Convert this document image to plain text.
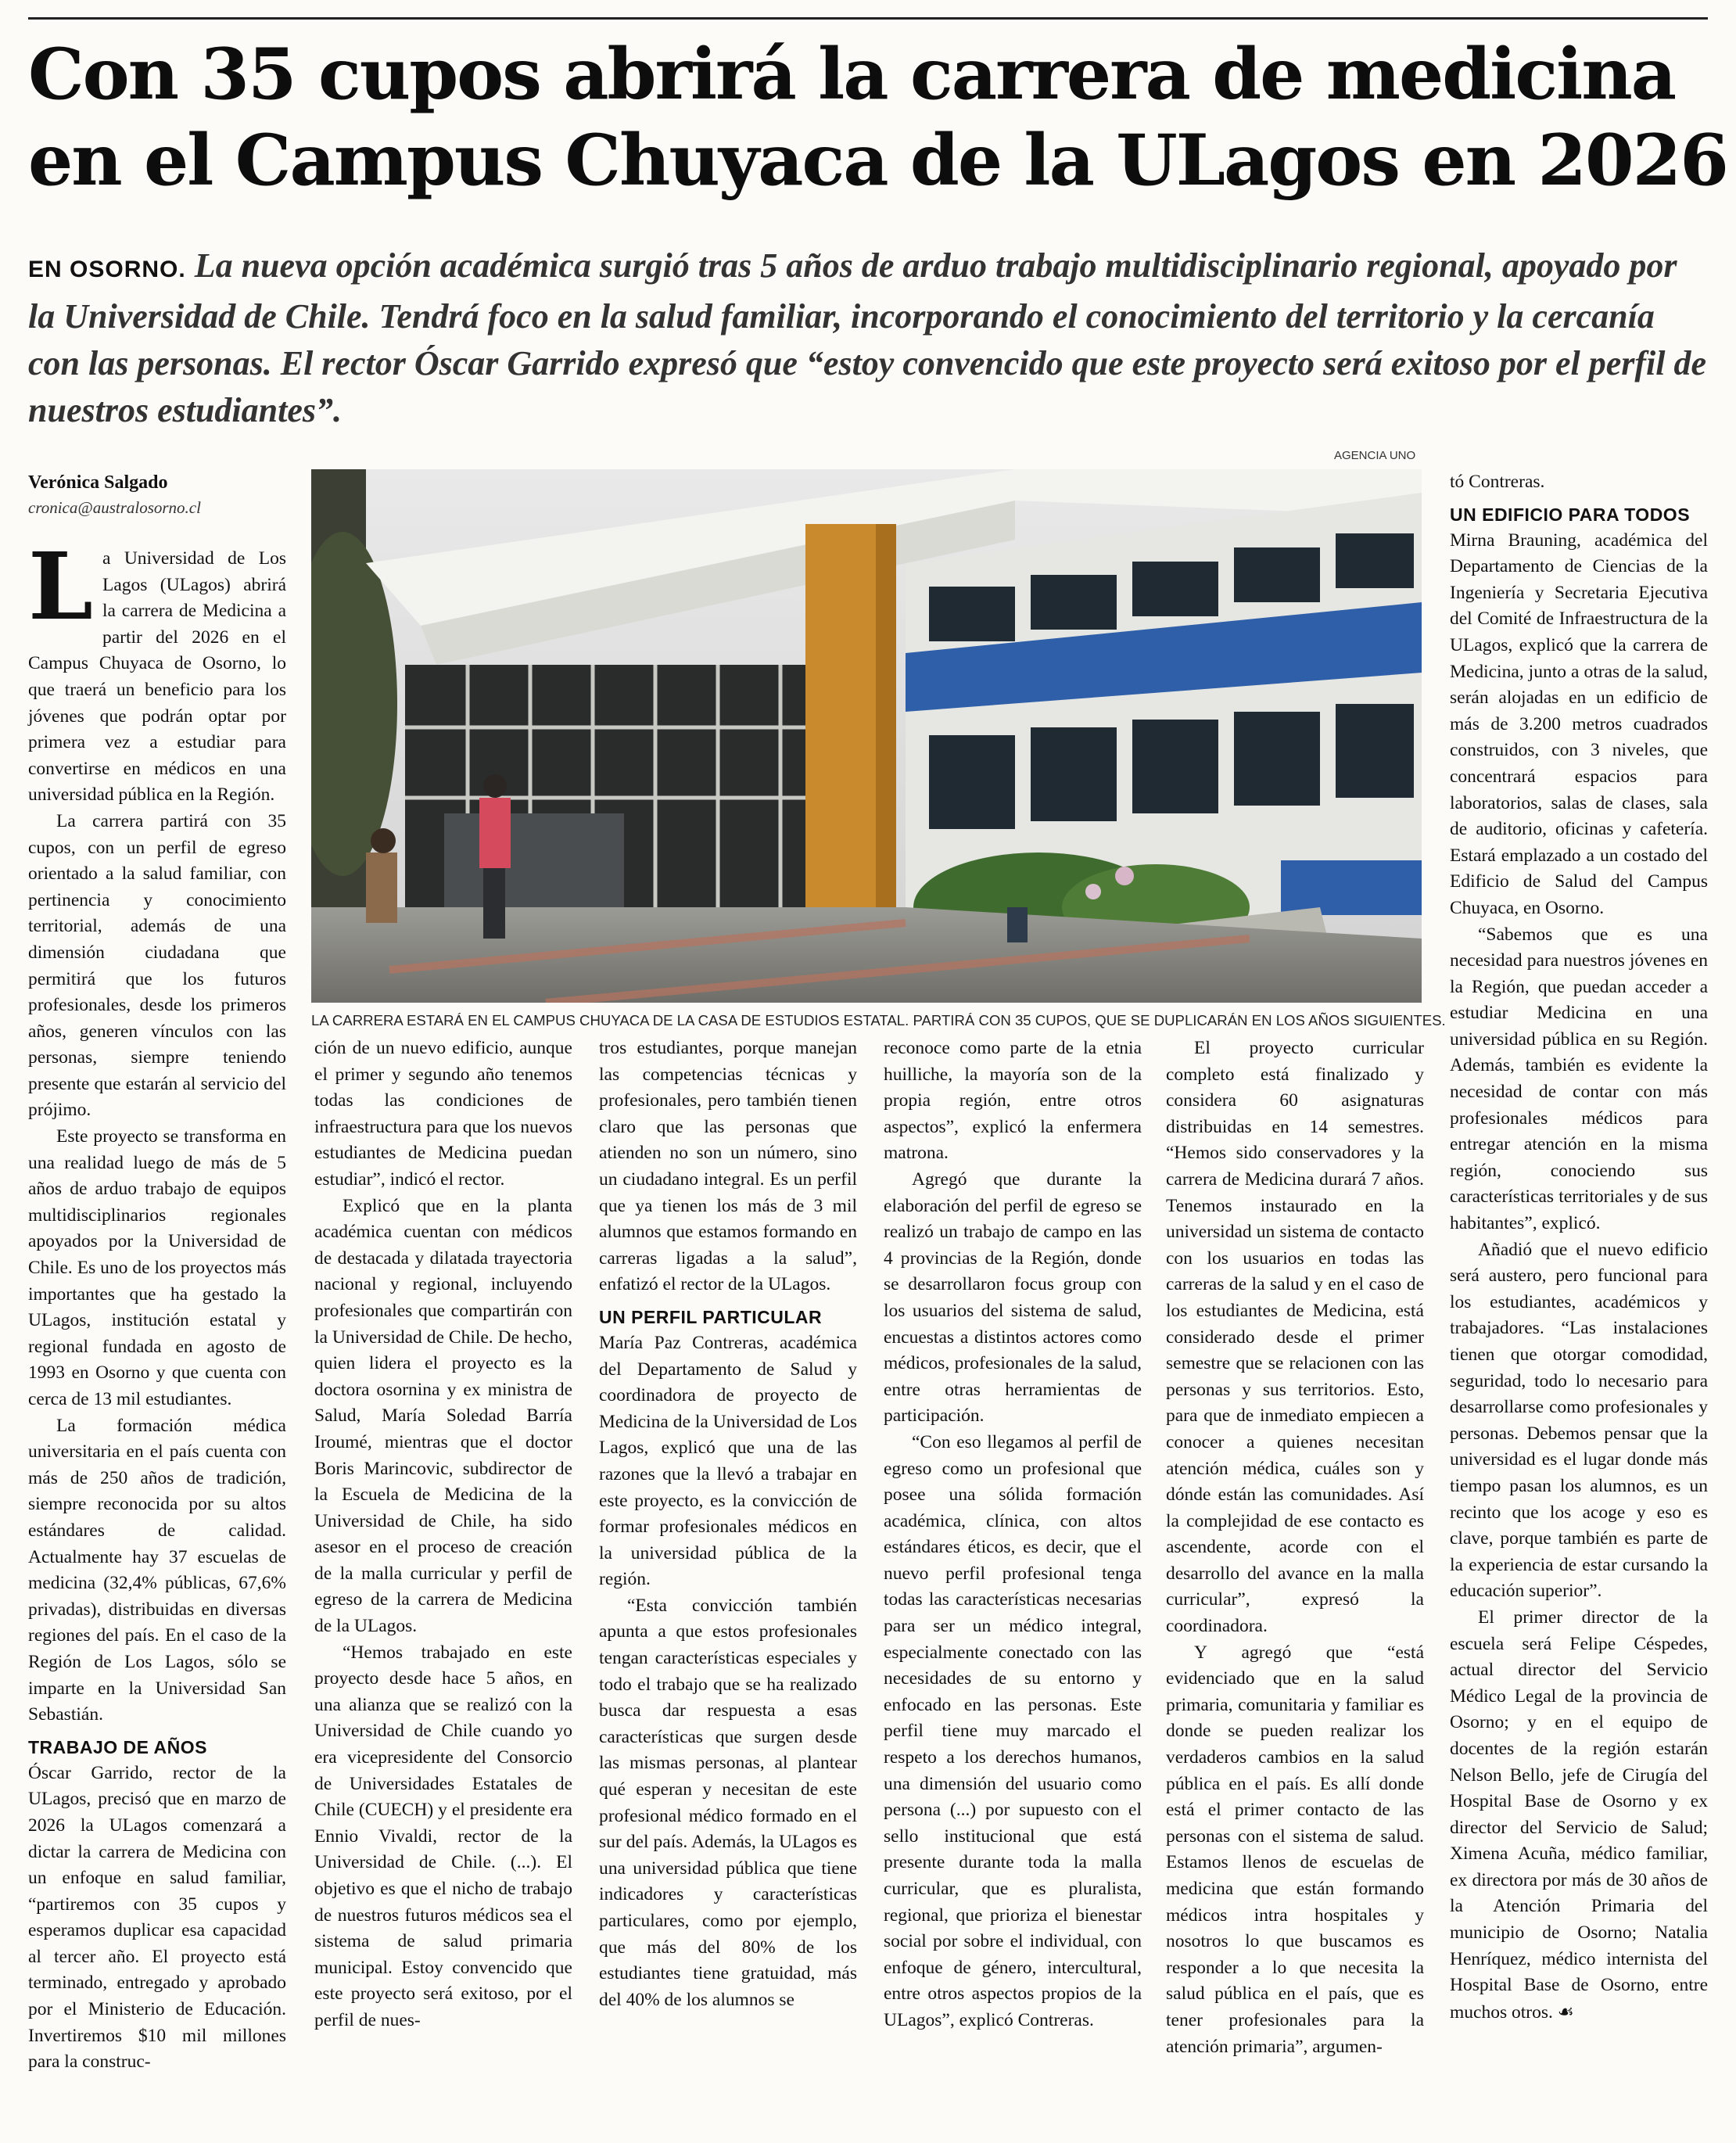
Con 35 cupos abrirá la carrera de medicina
en el Campus Chuyaca de la ULagos en 2026
EN OSORNO. La nueva opción académica surgió tras 5 años de arduo trabajo multidisciplinario regional, apoyado por la Universidad de Chile. Tendrá foco en la salud familiar, incorporando el conocimiento del territorio y la cercanía con las personas. El rector Óscar Garrido expresó que “estoy convencido que este proyecto será exitoso por el perfil de nuestros estudiantes”.
Verónica Salgado
cronica@australosorno.cl
L a Universidad de Los Lagos (ULagos) abrirá la carrera de Medicina a partir del 2026 en el Campus Chuyaca de Osorno, lo que traerá un beneficio para los jóvenes que podrán optar por primera vez a estudiar para convertirse en médicos en una universidad pública en la Región.

La carrera partirá con 35 cupos, con un perfil de egreso orientado a la salud familiar, con pertinencia y conocimiento territorial, además de una dimensión ciudadana que permitirá que los futuros profesionales, desde los primeros años, generen vínculos con las personas, siempre teniendo presente que estarán al servicio del prójimo.

Este proyecto se transforma en una realidad luego de más de 5 años de arduo trabajo de equipos multidisciplinarios regionales apoyados por la Universidad de Chile. Es uno de los proyectos más importantes que ha gestado la ULagos, institución estatal y regional fundada en agosto de 1993 en Osorno y que cuenta con cerca de 13 mil estudiantes.

La formación médica universitaria en el país cuenta con más de 250 años de tradición, siempre reconocida por su altos estándares de calidad. Actualmente hay 37 escuelas de medicina (32,4% públicas, 67,6% privadas), distribuidas en diversas regiones del país. En el caso de la Región de Los Lagos, sólo se imparte en la Universidad San Sebastián.

TRABAJO DE AÑOS

Óscar Garrido, rector de la ULagos, precisó que en marzo de 2026 la ULagos comenzará a dictar la carrera de Medicina con un enfoque en salud familiar, “partiremos con 35 cupos y esperamos duplicar esa capacidad al tercer año. El proyecto está terminado, entregado y aprobado por el Ministerio de Educación. Invertiremos $10 mil millones para la construc-

AGENCIA UNO
LA CARRERA ESTARÁ EN EL CAMPUS CHUYACA DE LA CASA DE ESTUDIOS ESTATAL. PARTIRÁ CON 35 CUPOS, QUE SE DUPLICARÁN EN LOS AÑOS SIGUIENTES.

ción de un nuevo edificio, aunque el primer y segundo año tenemos todas las condiciones de infraestructura para que los nuevos estudiantes de Medicina puedan estudiar”, indicó el rector.

Explicó que en la planta académica cuentan con médicos de destacada y dilatada trayectoria nacional y regional, incluyendo profesionales que compartirán con la Universidad de Chile. De hecho, quien lidera el proyecto es la doctora osornina y ex ministra de Salud, María Soledad Barría Iroumé, mientras que el doctor Boris Marincovic, subdirector de la Escuela de Medicina de la Universidad de Chile, ha sido asesor en el proceso de creación de la malla curricular y perfil de egreso de la carrera de Medicina de la ULagos.

“Hemos trabajado en este proyecto desde hace 5 años, en una alianza que se realizó con la Universidad de Chile cuando yo era vicepresidente del Consorcio de Universidades Estatales de Chile (CUECH) y el presidente era Ennio Vivaldi, rector de la Universidad de Chile. (...). El objetivo es que el nicho de trabajo de nuestros futuros médicos sea el sistema de salud primaria municipal. Estoy convencido que este proyecto será exitoso, por el perfil de nues-

tros estudiantes, porque manejan las competencias técnicas y profesionales, pero también tienen claro que las personas que atienden no son un número, sino un ciudadano integral. Es un perfil que ya tienen los más de 3 mil alumnos que estamos formando en carreras ligadas a la salud”, enfatizó el rector de la ULagos.

UN PERFIL PARTICULAR

María Paz Contreras, académica del Departamento de Salud y coordinadora de proyecto de Medicina de la Universidad de Los Lagos, explicó que una de las razones que la llevó a trabajar en este proyecto, es la convicción de formar profesionales médicos en la universidad pública de la región.

“Esta convicción también apunta a que estos profesionales tengan características especiales y todo el trabajo que se ha realizado busca dar respuesta a esas características que surgen desde las mismas personas, al plantear qué esperan y necesitan de este profesional médico formado en el sur del país. Además, la ULagos es una universidad pública que tiene indicadores y características particulares, como por ejemplo, que más del 80% de los estudiantes tiene gratuidad, más del 40% de los alumnos se

reconoce como parte de la etnia huilliche, la mayoría son de la propia región, entre otros aspectos”, explicó la enfermera matrona.

Agregó que durante la elaboración del perfil de egreso se realizó un trabajo de campo en las 4 provincias de la Región, donde se desarrollaron focus group con los usuarios del sistema de salud, encuestas a distintos actores como médicos, profesionales de la salud, entre otras herramientas de participación.

“Con eso llegamos al perfil de egreso como un profesional que posee una sólida formación académica, clínica, con altos estándares éticos, es decir, que el nuevo perfil profesional tenga todas las características necesarias para ser un médico integral, especialmente conectado con las necesidades de su entorno y enfocado en las personas. Este perfil tiene muy marcado el respeto a los derechos humanos, una dimensión del usuario como persona (...) por supuesto con el sello institucional que está presente durante toda la malla curricular, que es pluralista, regional, que prioriza el bienestar social por sobre el individual, con enfoque de género, intercultural, entre otros aspectos propios de la ULagos”, explicó Contreras.

El proyecto curricular completo está finalizado y considera 60 asignaturas distribuidas en 14 semestres. “Hemos sido conservadores y la carrera de Medicina durará 7 años. Tenemos instaurado en la universidad un sistema de contacto con los usuarios en todas las carreras de la salud y en el caso de los estudiantes de Medicina, está considerado desde el primer semestre que se relacionen con las personas y sus territorios. Esto, para que de inmediato empiecen a conocer a quienes necesitan atención médica, cuáles son y dónde están las comunidades. Así la complejidad de ese contacto es ascendente, acorde con el desarrollo del avance en la malla curricular”, expresó la coordinadora.

Y agregó que “está evidenciado que en la salud primaria, comunitaria y familiar es donde se pueden realizar los verdaderos cambios en la salud pública en el país. Es allí donde está el primer contacto de las personas con el sistema de salud. Estamos llenos de escuelas de medicina que están formando médicos intra hospitales y nosotros lo que buscamos es responder a lo que necesita la salud pública en el país, que es tener profesionales para la atención primaria”, argumen-

tó Contreras.

UN EDIFICIO PARA TODOS

Mirna Brauning, académica del Departamento de Ciencias de la Ingeniería y Secretaria Ejecutiva del Comité de Infraestructura de la ULagos, explicó que la carrera de Medicina, junto a otras de la salud, serán alojadas en un edificio de más de 3.200 metros cuadrados construidos, con 3 niveles, que concentrará espacios para laboratorios, salas de clases, sala de auditorio, oficinas y cafetería. Estará emplazado a un costado del Edificio de Salud del Campus Chuyaca, en Osorno.

“Sabemos que es una necesidad para nuestros jóvenes en la Región, que puedan acceder a estudiar Medicina en una universidad pública en su Región. Además, también es evidente la necesidad de contar con más profesionales médicos para entregar atención en la misma región, conociendo sus características territoriales y de sus habitantes”, explicó.

Añadió que el nuevo edificio será austero, pero funcional para los estudiantes, académicos y trabajadores. “Las instalaciones tienen que otorgar comodidad, seguridad, todo lo necesario para desarrollarse como profesionales y personas. Debemos pensar que la universidad es el lugar donde más tiempo pasan los alumnos, es un recinto que los acoge y eso es clave, porque también es parte de la experiencia de estar cursando la educación superior”.

El primer director de la escuela será Felipe Céspedes, actual director del Servicio Médico Legal de la provincia de Osorno; y en el equipo de docentes de la región estarán Nelson Bello, jefe de Cirugía del Hospital Base de Osorno y ex director del Servicio de Salud; Ximena Acuña, médico familiar, ex directora por más de 30 años de la Atención Primaria del municipio de Osorno; Natalia Henríquez, médico internista del Hospital Base de Osorno, entre muchos otros. ☙
